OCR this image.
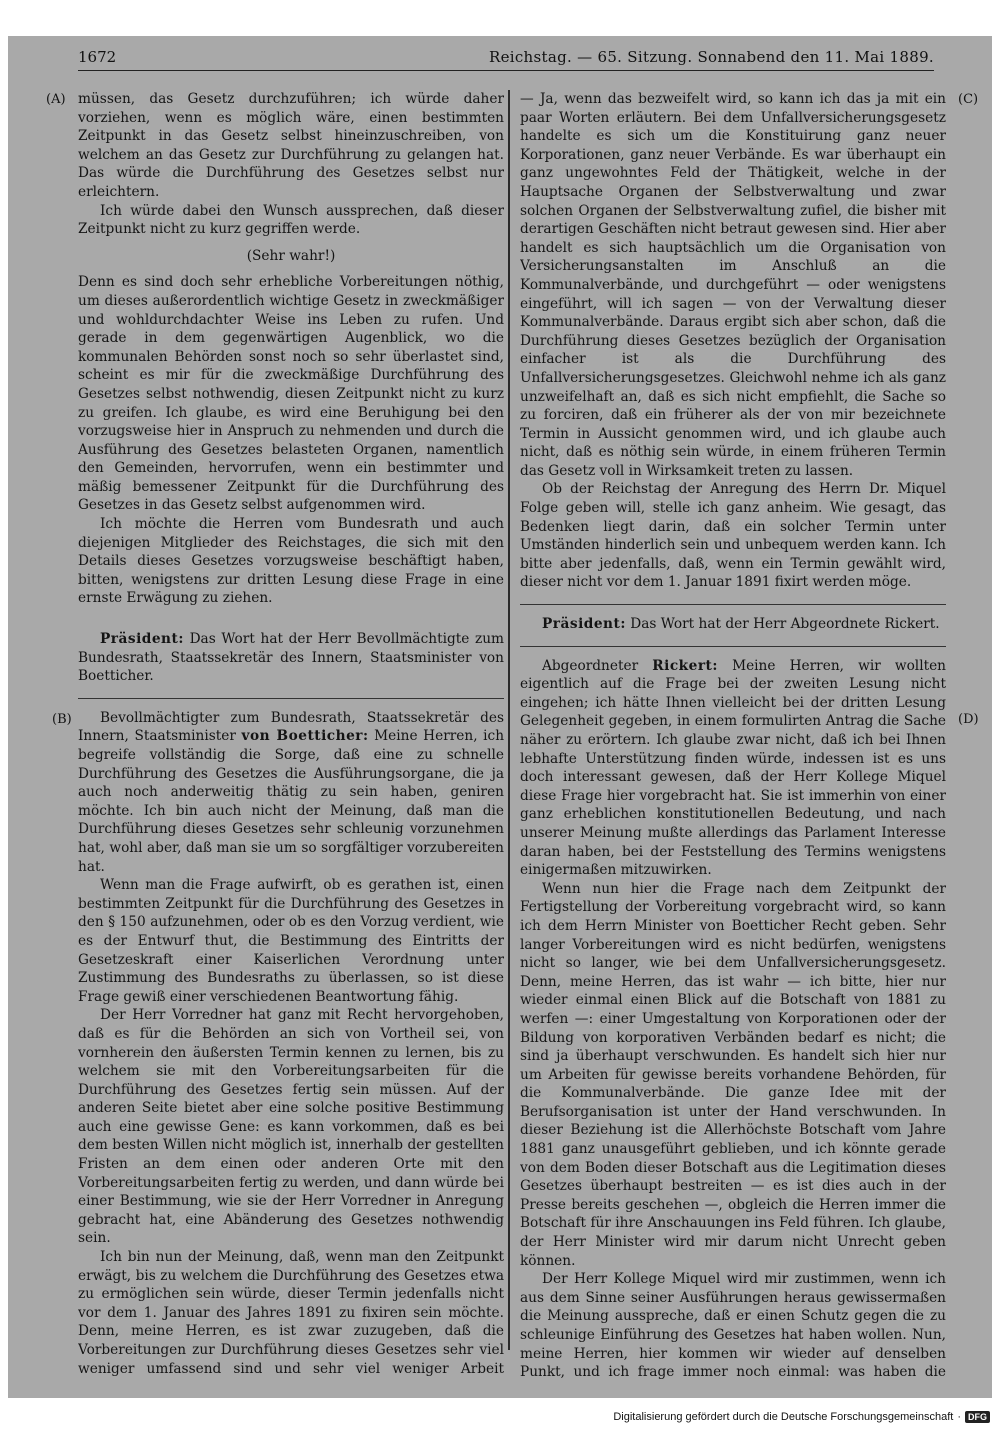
1672	Reichstag. — 65. Sitzung. Sonnabend den 11. Mai 1889.
(A)
(B)
(C)
(D)

müssen, das Gesetz durchzuführen; ich würde daher vorziehen, wenn es möglich wäre, einen bestimmten Zeitpunkt in das Gesetz selbst hineinzuschreiben, von welchem an das Gesetz zur Durchführung zu gelangen hat. Das würde die Durchführung des Gesetzes selbst nur erleichtern.

Ich würde dabei den Wunsch aussprechen, daß dieser Zeitpunkt nicht zu kurz gegriffen werde.

(Sehr wahr!)

Denn es sind doch sehr erhebliche Vorbereitungen nöthig, um dieses außerordentlich wichtige Gesetz in zweckmäßiger und wohldurchdachter Weise ins Leben zu rufen. Und gerade in dem gegenwärtigen Augenblick, wo die kommunalen Behörden sonst noch so sehr überlastet sind, scheint es mir für die zweckmäßige Durchführung des Gesetzes selbst nothwendig, diesen Zeitpunkt nicht zu kurz zu greifen. Ich glaube, es wird eine Beruhigung bei den vorzugsweise hier in Anspruch zu nehmenden und durch die Ausführung des Gesetzes belasteten Organen, namentlich den Gemeinden, hervorrufen, wenn ein bestimmter und mäßig bemessener Zeitpunkt für die Durchführung des Gesetzes in das Gesetz selbst aufgenommen wird.

Ich möchte die Herren vom Bundesrath und auch diejenigen Mitglieder des Reichstages, die sich mit den Details dieses Gesetzes vorzugsweise beschäftigt haben, bitten, wenigstens zur dritten Lesung diese Frage in eine ernste Erwägung zu ziehen.

Präsident: Das Wort hat der Herr Bevollmächtigte zum Bundesrath, Staatssekretär des Innern, Staatsminister von Boetticher.

Bevollmächtigter zum Bundesrath, Staatssekretär des Innern, Staatsminister von Boetticher: Meine Herren, ich begreife vollständig die Sorge, daß eine zu schnelle Durchführung des Gesetzes die Ausführungsorgane, die ja auch noch anderweitig thätig zu sein haben, geniren möchte. Ich bin auch nicht der Meinung, daß man die Durchführung dieses Gesetzes sehr schleunig vorzunehmen hat, wohl aber, daß man sie um so sorgfältiger vorzubereiten hat.

Wenn man die Frage aufwirft, ob es gerathen ist, einen bestimmten Zeitpunkt für die Durchführung des Gesetzes in den § 150 aufzunehmen, oder ob es den Vorzug verdient, wie es der Entwurf thut, die Bestimmung des Eintritts der Gesetzeskraft einer Kaiserlichen Verordnung unter Zustimmung des Bundesraths zu überlassen, so ist diese Frage gewiß einer verschiedenen Beantwortung fähig.

Der Herr Vorredner hat ganz mit Recht hervorgehoben, daß es für die Behörden an sich von Vortheil sei, von vornherein den äußersten Termin kennen zu lernen, bis zu welchem sie mit den Vorbereitungsarbeiten für die Durchführung des Gesetzes fertig sein müssen. Auf der anderen Seite bietet aber eine solche positive Bestimmung auch eine gewisse Gene: es kann vorkommen, daß es bei dem besten Willen nicht möglich ist, innerhalb der gestellten Fristen an dem einen oder anderen Orte mit den Vorbereitungsarbeiten fertig zu werden, und dann würde bei einer Bestimmung, wie sie der Herr Vorredner in Anregung gebracht hat, eine Abänderung des Gesetzes nothwendig sein.

Ich bin nun der Meinung, daß, wenn man den Zeitpunkt erwägt, bis zu welchem die Durchführung des Gesetzes etwa zu ermöglichen sein würde, dieser Termin jedenfalls nicht vor dem 1. Januar des Jahres 1891 zu fixiren sein möchte. Denn, meine Herren, es ist zwar zuzugeben, daß die Vorbereitungen zur Durchführung dieses Gesetzes sehr viel weniger umfassend sind und sehr viel weniger Arbeit

— Ja, wenn das bezweifelt wird, so kann ich das ja mit ein paar Worten erläutern. Bei dem Unfallversicherungsgesetz handelte es sich um die Konstituirung ganz neuer Korporationen, ganz neuer Verbände. Es war überhaupt ein ganz ungewohntes Feld der Thätigkeit, welche in der Hauptsache Organen der Selbstverwaltung und zwar solchen Organen der Selbstverwaltung zufiel, die bisher mit derartigen Geschäften nicht betraut gewesen sind. Hier aber handelt es sich hauptsächlich um die Organisation von Versicherungsanstalten im Anschluß an die Kommunalverbände, und durchgeführt — oder wenigstens eingeführt, will ich sagen — von der Verwaltung dieser Kommunalverbände. Daraus ergibt sich aber schon, daß die Durchführung dieses Gesetzes bezüglich der Organisation einfacher ist als die Durchführung des Unfallversicherungsgesetzes. Gleichwohl nehme ich als ganz unzweifelhaft an, daß es sich nicht empfiehlt, die Sache so zu forciren, daß ein früherer als der von mir bezeichnete Termin in Aussicht genommen wird, und ich glaube auch nicht, daß es nöthig sein würde, in einem früheren Termin das Gesetz voll in Wirksamkeit treten zu lassen.

Ob der Reichstag der Anregung des Herrn Dr. Miquel Folge geben will, stelle ich ganz anheim. Wie gesagt, das Bedenken liegt darin, daß ein solcher Termin unter Umständen hinderlich sein und unbequem werden kann. Ich bitte aber jedenfalls, daß, wenn ein Termin gewählt wird, dieser nicht vor dem 1. Januar 1891 fixirt werden möge.

Präsident: Das Wort hat der Herr Abgeordnete Rickert.

Abgeordneter Rickert: Meine Herren, wir wollten eigentlich auf die Frage bei der zweiten Lesung nicht eingehen; ich hätte Ihnen vielleicht bei der dritten Lesung Gelegenheit gegeben, in einem formulirten Antrag die Sache näher zu erörtern. Ich glaube zwar nicht, daß ich bei Ihnen lebhafte Unterstützung finden würde, indessen ist es uns doch interessant gewesen, daß der Herr Kollege Miquel diese Frage hier vorgebracht hat. Sie ist immerhin von einer ganz erheblichen konstitutionellen Bedeutung, und nach unserer Meinung mußte allerdings das Parlament Interesse daran haben, bei der Feststellung des Termins wenigstens einigermaßen mitzuwirken.

Wenn nun hier die Frage nach dem Zeitpunkt der Fertigstellung der Vorbereitung vorgebracht wird, so kann ich dem Herrn Minister von Boetticher Recht geben. Sehr langer Vorbereitungen wird es nicht bedürfen, wenigstens nicht so langer, wie bei dem Unfallversicherungsgesetz. Denn, meine Herren, das ist wahr — ich bitte, hier nur wieder einmal einen Blick auf die Botschaft von 1881 zu werfen —: einer Umgestaltung von Korporationen oder der Bildung von korporativen Verbänden bedarf es nicht; die sind ja überhaupt verschwunden. Es handelt sich hier nur um Arbeiten für gewisse bereits vorhandene Behörden, für die Kommunalverbände. Die ganze Idee mit der Berufsorganisation ist unter der Hand verschwunden. In dieser Beziehung ist die Allerhöchste Botschaft vom Jahre 1881 ganz unausgeführt geblieben, und ich könnte gerade von dem Boden dieser Botschaft aus die Legitimation dieses Gesetzes überhaupt bestreiten — es ist dies auch in der Presse bereits geschehen —, obgleich die Herren immer die Botschaft für ihre Anschauungen ins Feld führen. Ich glaube, der Herr Minister wird mir darum nicht Unrecht geben können.

Der Herr Kollege Miquel wird mir zustimmen, wenn ich aus dem Sinne seiner Ausführungen heraus gewissermaßen die Meinung ausspreche, daß er einen Schutz gegen die zu schleunige Einführung des Gesetzes hat haben wollen. Nun, meine Herren, hier kommen wir wieder auf denselben Punkt, und ich frage immer noch einmal: was haben die

Digitalisierung gefördert durch die Deutsche Forschungsgemeinschaft · DFG
